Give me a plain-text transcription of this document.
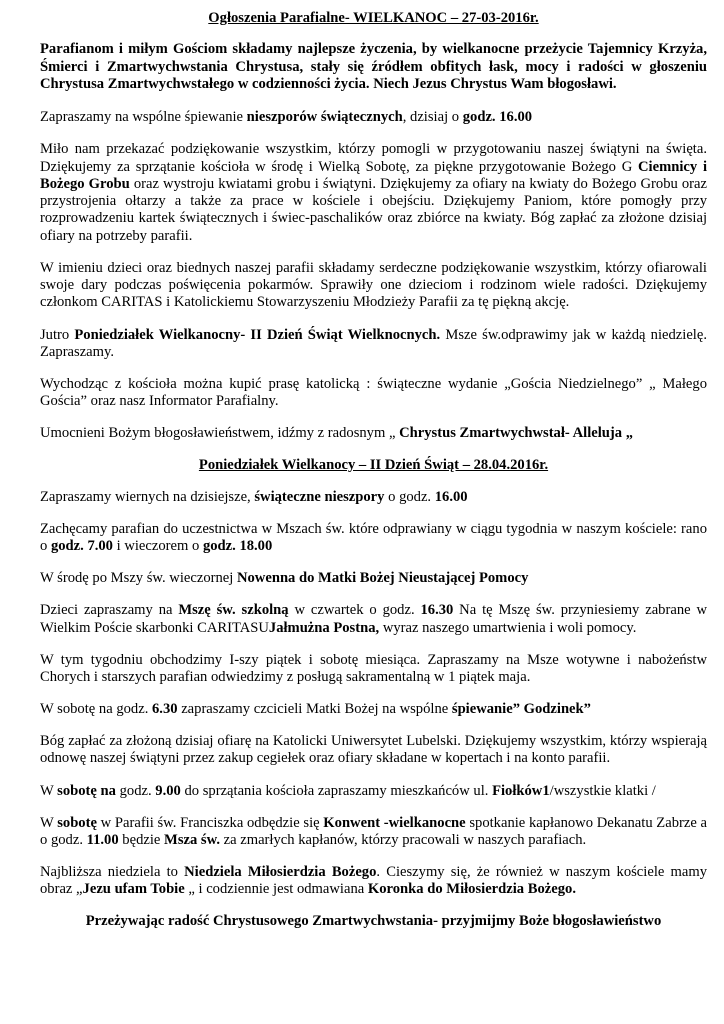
Ogłoszenia Parafialne- WIELKANOC – 27-03-2016r.

Parafianom i miłym Gościom składamy najlepsze życzenia, by wielkanocne przeżycie Tajemnicy Krzyża, Śmierci i Zmartwychwstania Chrystusa, stały się źródłem obfitych łask, mocy i radości w głoszeniu Chrystusa Zmartwychwstałego w codzienności życia. Niech Jezus Chrystus Wam błogosławi.

Zapraszamy na wspólne śpiewanie nieszporów świątecznych, dzisiaj o godz. 16.00

Miło nam przekazać podziękowanie wszystkim, którzy pomogli w przygotowaniu naszej świątyni na święta. Dziękujemy za sprzątanie kościoła w środę i Wielką Sobotę, za piękne przygotowanie Bożego G Ciemnicy i Bożego Grobu oraz wystroju kwiatami grobu i świątyni. Dziękujemy za ofiary na kwiaty do Bożego Grobu oraz przystrojenia ołtarzy a także za prace w kościele i obejściu. Dziękujemy Paniom, które pomogły przy rozprowadzeniu kartek świątecznych i świec-paschalików oraz zbiórce na kwiaty. Bóg zapłać za złożone dzisiaj ofiary na potrzeby parafii.

W imieniu dzieci oraz biednych naszej parafii składamy serdeczne podziękowanie wszystkim, którzy ofiarowali swoje dary podczas poświęcenia pokarmów. Sprawiły one dzieciom i rodzinom wiele radości. Dziękujemy członkom CARITAS i Katolickiemu Stowarzyszeniu Młodzieży Parafii za tę piękną akcję.

Jutro Poniedziałek Wielkanocny- II Dzień Świąt Wielknocnych. Msze św.odprawimy jak w każdą niedzielę. Zapraszamy.

Wychodząc z kościoła można kupić prasę katolicką : świąteczne wydanie „Gościa Niedzielnego” „ Małego Gościa” oraz nasz Informator Parafialny.

Umocnieni Bożym błogosławieństwem, idźmy z radosnym „ Chrystus Zmartwychwstał- Alleluja „

Poniedziałek Wielkanocy – II Dzień Świąt – 28.04.2016r.

Zapraszamy wiernych na dzisiejsze, świąteczne nieszpory o godz. 16.00

Zachęcamy parafian do uczestnictwa w Mszach św. które odprawiany w ciągu tygodnia w naszym kościele: rano o godz. 7.00 i wieczorem o godz. 18.00

W środę po Mszy św. wieczornej Nowenna do Matki Bożej Nieustającej Pomocy

Dzieci zapraszamy na Mszę św. szkolną w czwartek o godz. 16.30 Na tę Mszę św. przyniesiemy zabrane w Wielkim Poście skarbonki CARITASUJałmużna Postna, wyraz naszego umartwienia i woli pomocy.

W tym tygodniu obchodzimy I-szy piątek i sobotę miesiąca. Zapraszamy na Msze wotywne i nabożeństw Chorych i starszych parafian odwiedzimy z posługą sakramentalną w 1 piątek maja.

W sobotę na godz. 6.30 zapraszamy czcicieli Matki Bożej na wspólne śpiewanie” Godzinek”

Bóg zapłać za złożoną dzisiaj ofiarę na Katolicki Uniwersytet Lubelski. Dziękujemy wszystkim, którzy wspierają odnowę naszej świątyni przez zakup cegiełek oraz ofiary składane w kopertach i na konto parafii.

W sobotę na godz. 9.00 do sprzątania kościoła zapraszamy mieszkańców ul. Fiołków1/wszystkie klatki /

W sobotę w Parafii św. Franciszka odbędzie się Konwent -wielkanocne spotkanie kapłanowo Dekanatu Zabrze a o godz. 11.00 będzie Msza św. za zmarłych kapłanów, którzy pracowali w naszych parafiach.

Najbliższa niedziela to Niedziela Miłosierdzia Bożego. Cieszymy się, że również w naszym kościele mamy obraz „Jezu ufam Tobie „ i codziennie jest odmawiana Koronka do Miłosierdzia Bożego.

Przeżywając radość Chrystusowego Zmartwychwstania- przyjmijmy Boże błogosławieństwo
